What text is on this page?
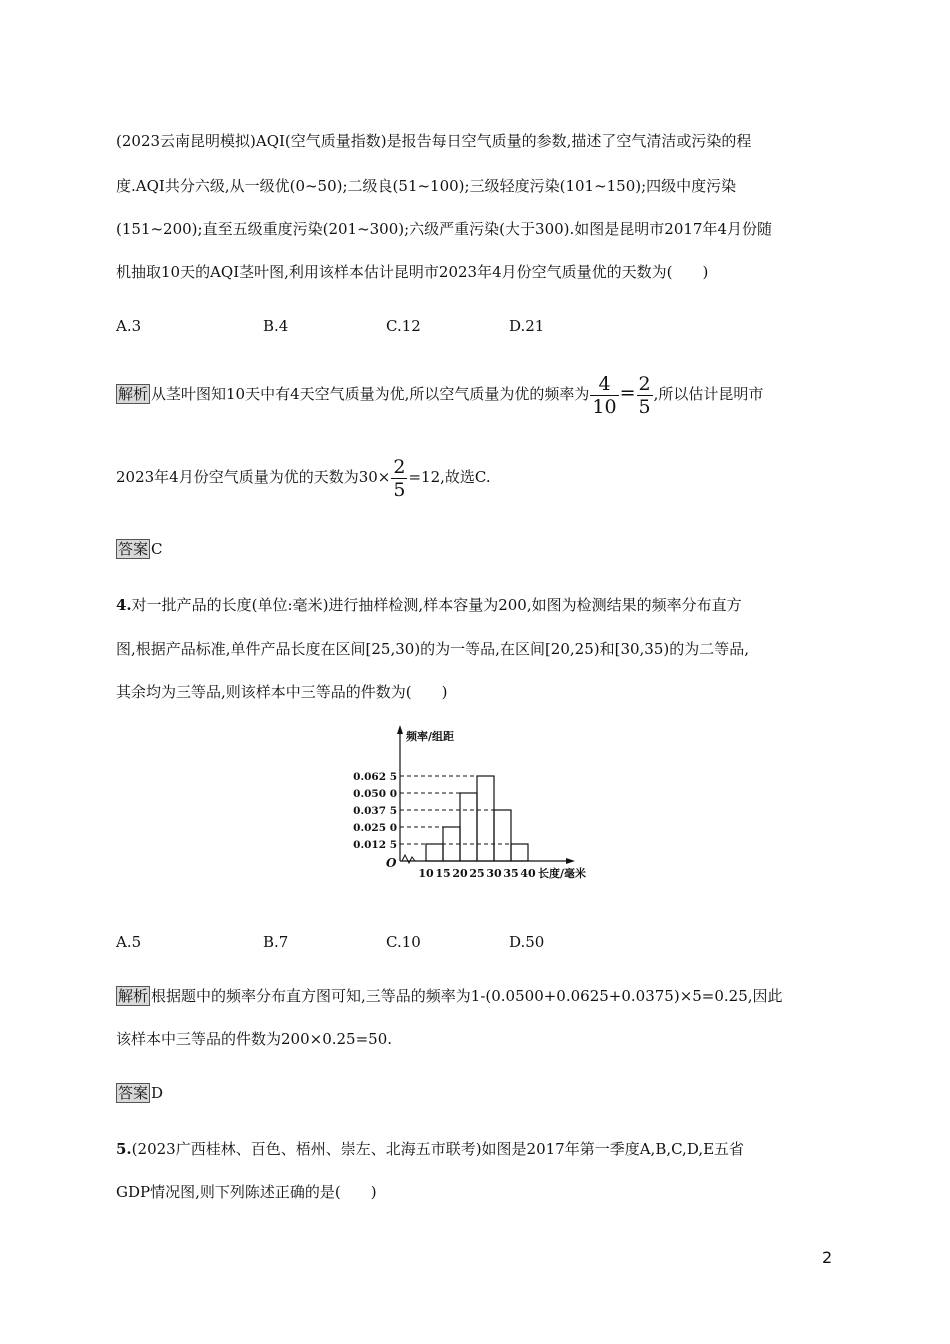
(2023云南昆明模拟)AQI(空气质量指数)是报告每日空气质量的参数,描述了空气清洁或污染的程
度.AQI共分六级,从一级优(0~50);二级良(51~100);三级轻度污染(101~150);四级中度污染
(151~200);直至五级重度污染(201~300);六级严重污染(大于300).如图是昆明市2017年4月份随
机抽取10天的AQI茎叶图,利用该样本估计昆明市2023年4月份空气质量优的天数为(　　)
A.3	B.4	C.12	D.21
解析 从茎叶图知10天中有4天空气质量为优,所以空气质量为优的频率为 $\frac{4}{10} = \frac{2}{5}$ ,所以估计昆明市
2023年4月份空气质量为优的天数为$30\times \frac{2}{5} =12$,故选C.
答案 C
4.对一批产品的长度(单位:毫米)进行抽样检测,样本容量为200,如图为检测结果的频率分布直方
图,根据产品标准,单件产品长度在区间[25,30)的为一等品,在区间[20,25)和[30,35)的为二等品,
其余均为三等品,则该样本中三等品的件数为(　　)
O
频率/组距
长度/毫米
0.012 5
0.025 0
0.037 5
0.050 0
0.062 5
10 15 20 25 30 35 40
A.5	B.7	C.10	D.50
解析 根据题中的频率分布直方图可知,三等品的频率为1-(0.0500+0.0625+0.0375)×5=0.25,因此
该样本中三等品的件数为200×0.25=50.
答案 D
5.(2023广西桂林、百色、梧州、崇左、北海五市联考)如图是2017年第一季度A,B,C,D,E五省
GDP情况图,则下列陈述正确的是(　　)
2
